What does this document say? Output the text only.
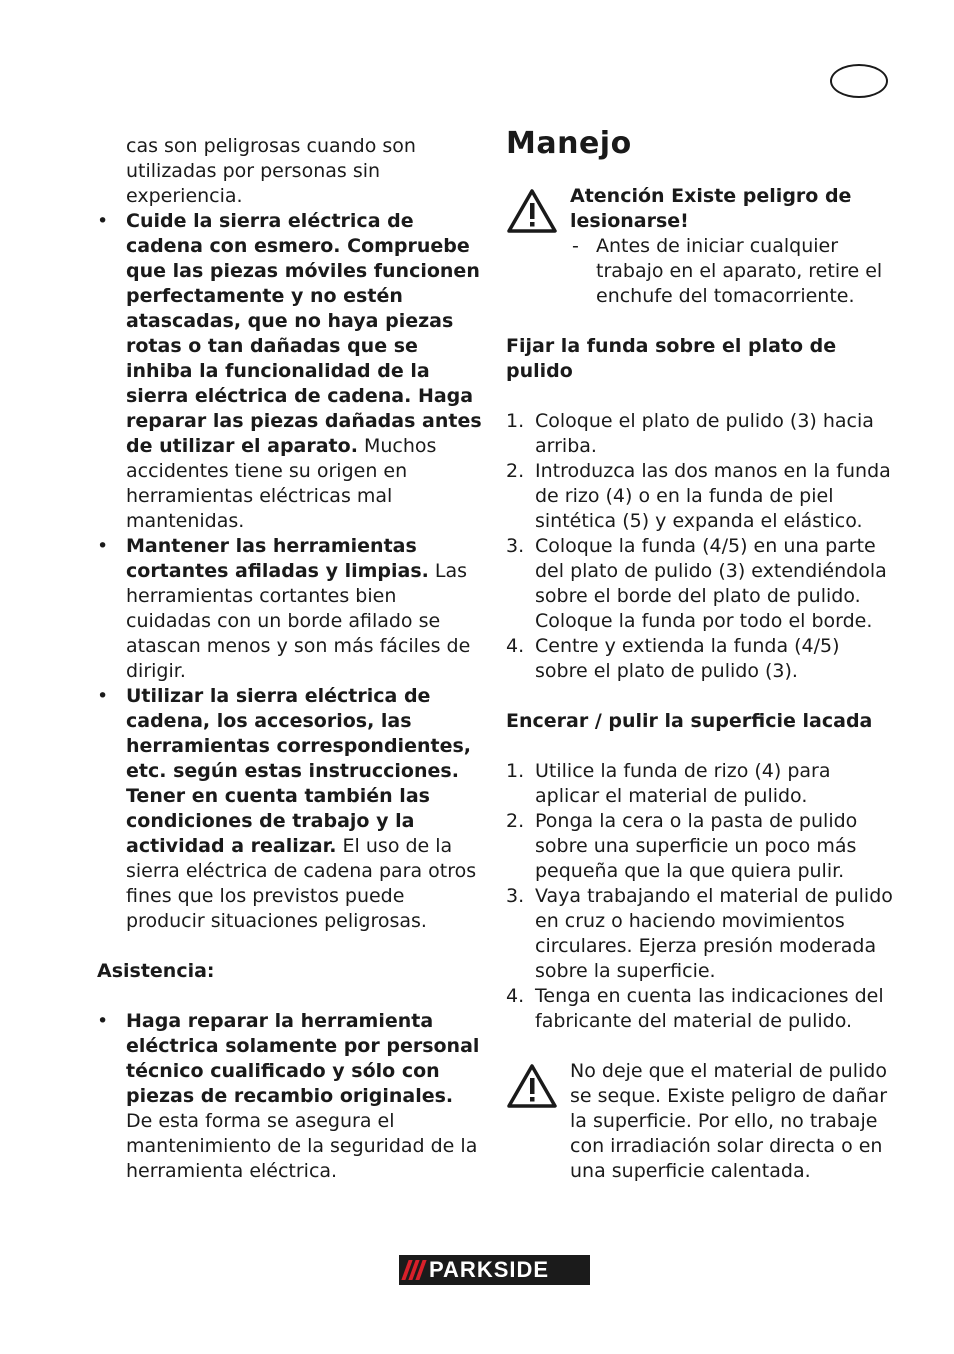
cas son peligrosas cuando son utilizadas por personas sin experiencia.

• Cuide la sierra eléctrica de cadena con esmero. Compruebe que las piezas móviles funcionen perfectamente y no estén atascadas, que no haya piezas rotas o tan dañadas que se inhiba la funcionalidad de la sierra eléctrica de cadena. Haga reparar las piezas dañadas antes de utilizar el aparato. Muchos accidentes tiene su origen en herramientas eléctricas mal mantenidas.

• Mantener las herramientas cortantes afiladas y limpias. Las herramientas cortantes bien cuidadas con un borde afilado se atascan menos y son más fáciles de dirigir.

• Utilizar la sierra eléctrica de cadena, los accesorios, las herramientas correspondientes, etc. según estas instrucciones. Tener en cuenta también las condiciones de trabajo y la actividad a realizar. El uso de la sierra eléctrica de cadena para otros fines que los previstos puede producir situaciones peligrosas.

Asistencia:

• Haga reparar la herramienta eléctrica solamente por personal técnico cualificado y sólo con piezas de recambio originales. De esta forma se asegura el mantenimiento de la seguridad de la herramienta eléctrica.

Manejo

Atención Existe peligro de lesionarse!

- Antes de iniciar cualquier trabajo en el aparato, retire el enchufe del tomacorriente.

Fijar la funda sobre el plato de pulido

1. Coloque el plato de pulido (3) hacia arriba.
2. Introduzca las dos manos en la funda de rizo (4) o en la funda de piel sintética (5) y expanda el elástico.
3. Coloque la funda (4/5) en una parte del plato de pulido (3) extendiéndola sobre el borde del plato de pulido. Coloque la funda por todo el borde.
4. Centre y extienda la funda (4/5) sobre el plato de pulido (3).

Encerar / pulir la superficie lacada

1. Utilice la funda de rizo (4) para aplicar el material de pulido.
2. Ponga la cera o la pasta de pulido sobre una superficie un poco más pequeña que la que quiera pulir.
3. Vaya trabajando el material de pulido en cruz o haciendo movimientos circulares. Ejerza presión moderada sobre la superficie.
4. Tenga en cuenta las indicaciones del fabricante del material de pulido.

No deje que el material de pulido se seque. Existe peligro de dañar la superficie. Por ello, no trabaje con irradiación solar directa o en una superficie calentada.

PARKSIDE
